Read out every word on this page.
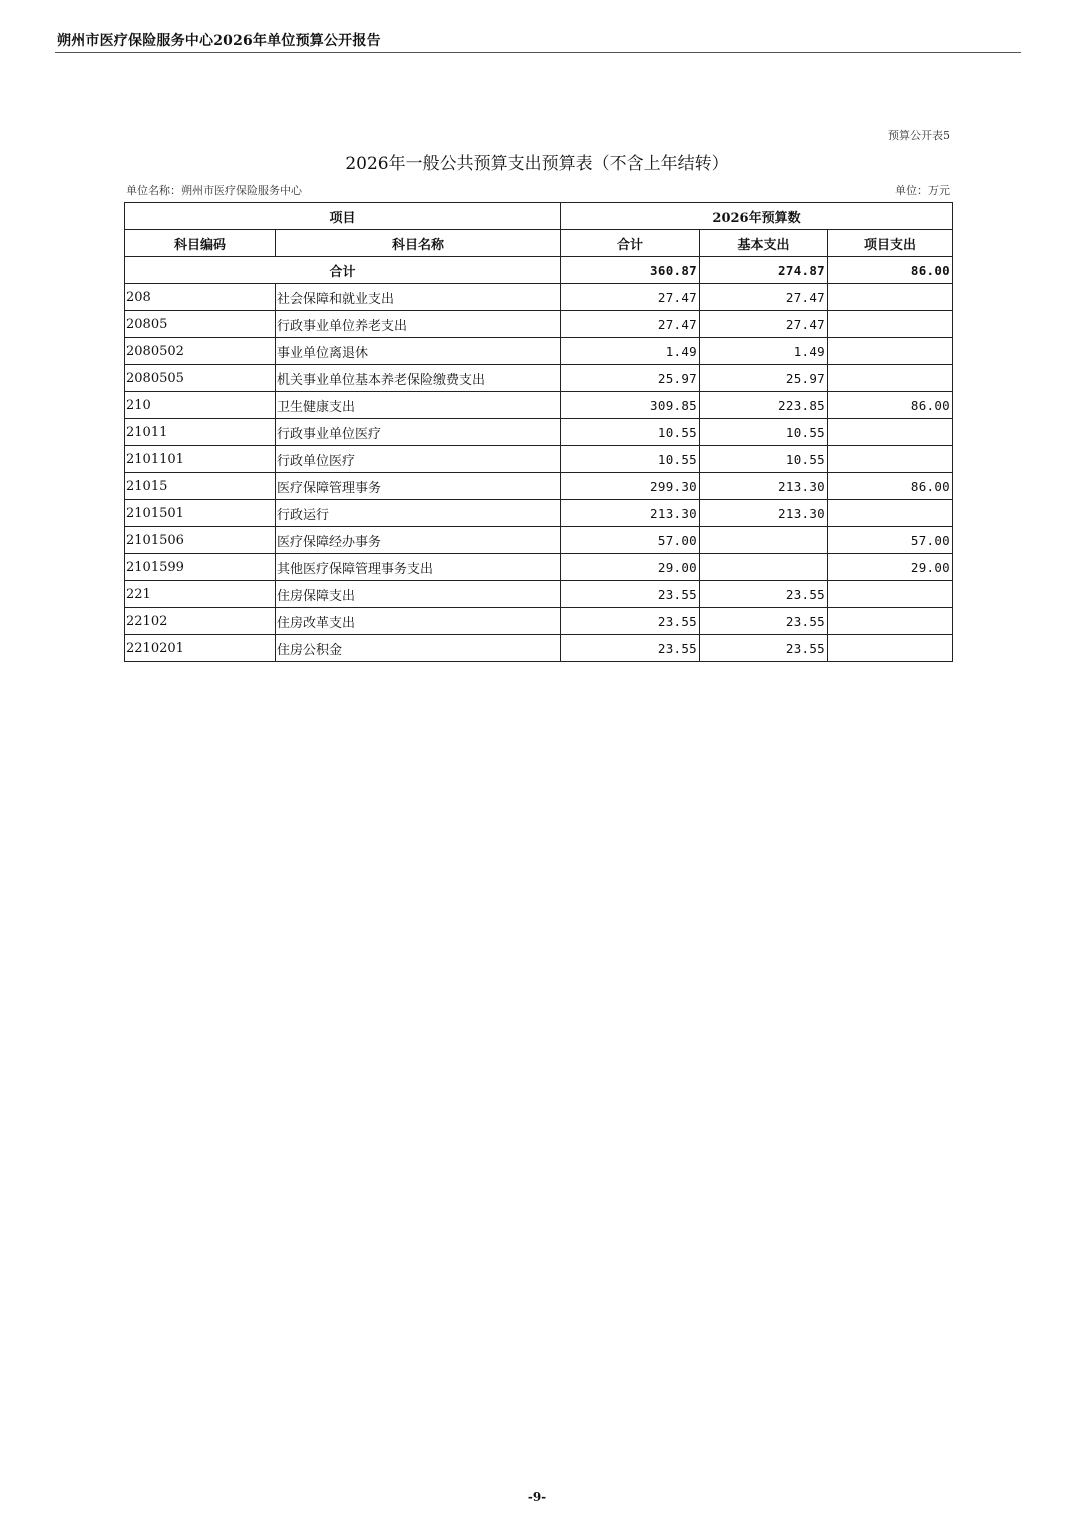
朔州市医疗保险服务中心2026年单位预算公开报告
预算公开表5
2026年一般公共预算支出预算表（不含上年结转）
单位名称：朔州市医疗保险服务中心	单位：万元
项目		2026年预算数		
科目编码	科目名称	合计	基本支出	项目支出
合计		360.87	274.87	86.00
208	社会保障和就业支出	27.47	27.47	
20805	行政事业单位养老支出	27.47	27.47	
2080502	事业单位离退休	1.49	1.49	
2080505	机关事业单位基本养老保险缴费支出	25.97	25.97	
210	卫生健康支出	309.85	223.85	86.00
21011	行政事业单位医疗	10.55	10.55	
2101101	行政单位医疗	10.55	10.55	
21015	医疗保障管理事务	299.30	213.30	86.00
2101501	行政运行	213.30	213.30	
2101506	医疗保障经办事务	57.00		57.00
2101599	其他医疗保障管理事务支出	29.00		29.00
221	住房保障支出	23.55	23.55	
22102	住房改革支出	23.55	23.55	
2210201	住房公积金	23.55	23.55	
-9-
